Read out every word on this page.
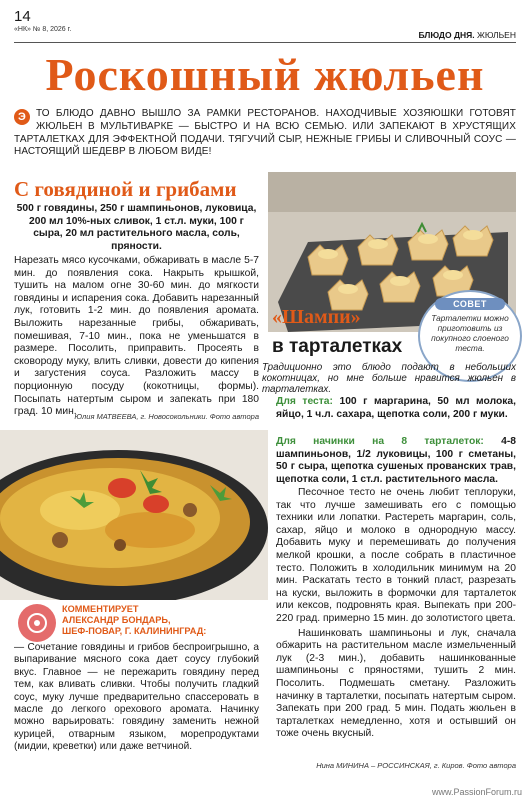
14
«НК» № 8, 2026 г.
БЛЮДО ДНЯ. ЖЮЛЬЕН
Роскошный жюльен
Э	ТО БЛЮДО ДАВНО ВЫШЛО ЗА РАМКИ РЕСТОРАНОВ. НАХОДЧИВЫЕ ХОЗЯЮШКИ ГОТОВЯТ ЖЮЛЬЕН В МУЛЬТИВАРКЕ — БЫСТРО И НА ВСЮ СЕМЬЮ. ИЛИ ЗАПЕКАЮТ В ХРУСТЯЩИХ ТАРТАЛЕТКАХ ДЛЯ ЭФФЕКТНОЙ ПОДАЧИ. ТЯГУЧИЙ СЫР, НЕЖНЫЕ ГРИБЫ И СЛИВОЧНЫЙ СОУС — НАСТОЯЩИЙ ШЕДЕВР В ЛЮБОМ ВИДЕ!
С говядиной и грибами
500 г говядины, 250 г шампиньонов, луковица, 200 мл 10%-ных сливок, 1 ст.л. муки, 100 г сыра, 20 мл растительного масла, соль, пряности.
Нарезать мясо кусочками, обжаривать в масле 5-7 мин. до появления сока. Накрыть крышкой, тушить на малом огне 30-60 мин. до мягкости говядины и испарения сока. Добавить нарезанный лук, готовить 1-2 мин. до появления аромата. Выложить нарезанные грибы, обжаривать, помешивая, 7-10 мин., пока не уменьшатся в размере. Посолить, приправить. Просеять в сковороду муку, влить сливки, довести до кипения и загустения соуса. Разложить массу в порционную посуду (кокотницы, формы). Посыпать натертым сыром и запекать при 180 град. 10 мин.
Юлия МАТВЕЕВА, г. Новосокольники. Фото автора
КОММЕНТИРУЕТ
АЛЕКСАНДР БОНДАРЬ,
ШЕФ-ПОВАР, Г. КАЛИНИНГРАД:
— Сочетание говядины и грибов беспроигрышно, а выпаривание мясного сока дает соусу глубокий вкус. Главное — не пережарить говядину перед тем, как вливать сливки. Чтобы получить гладкий соус, муку лучше предварительно спассеровать в масле до легкого орехового аромата. Начинку можно варьировать: говядину заменить нежной курицей, отварным языком, морепродуктами (мидии, креветки) или даже ветчиной.
СОВЕТ
Тарталетки можно приготовить из покупного слоеного теста.
«Шампи»
в тарталетках
Традиционно это блюдо подают в небольших кокотницах, но мне больше нравится жюльен в тарталетках.
Для теста: 100 г маргарина, 50 мл молока, яйцо, 1 ч.л. сахара, щепотка соли, 200 г муки.
Для начинки на 8 тарталеток: 4-8 шампиньонов, 1/2 луковицы, 100 г сметаны, 50 г сыра, щепотка сушеных прованских трав, щепотка соли, 1 ст.л. растительного масла.

Песочное тесто не очень любит теплоруки, так что лучше замешивать его с помощью техники или лопатки. Растереть маргарин, соль, сахар, яйцо и молоко в однородную массу. Добавить муку и перемешивать до получения мелкой крошки, а после собрать в пластичное тесто. Положить в холодильник минимум на 20 мин. Раскатать тесто в тонкий пласт, разрезать на куски, выложить в формочки для тарталеток или кексов, подровнять края. Выпекать при 200-220 град. примерно 15 мин. до золотистого цвета.

Нашинковать шампиньоны и лук, сначала обжарить на растительном масле измельченный лук (2-3 мин.), добавить нашинкованные шампиньоны с пряностями, тушить 2 мин. Посолить. Подмешать сметану. Разложить начинку в тарталетки, посыпать натертым сыром. Запекать при 200 град. 5 мин. Подать жюльен в тарталетках немедленно, хотя и остывший он тоже очень вкусный.

Нина МИНИНА – РОССИНСКАЯ, г. Киров. Фото автора
www.PassionForum.ru
